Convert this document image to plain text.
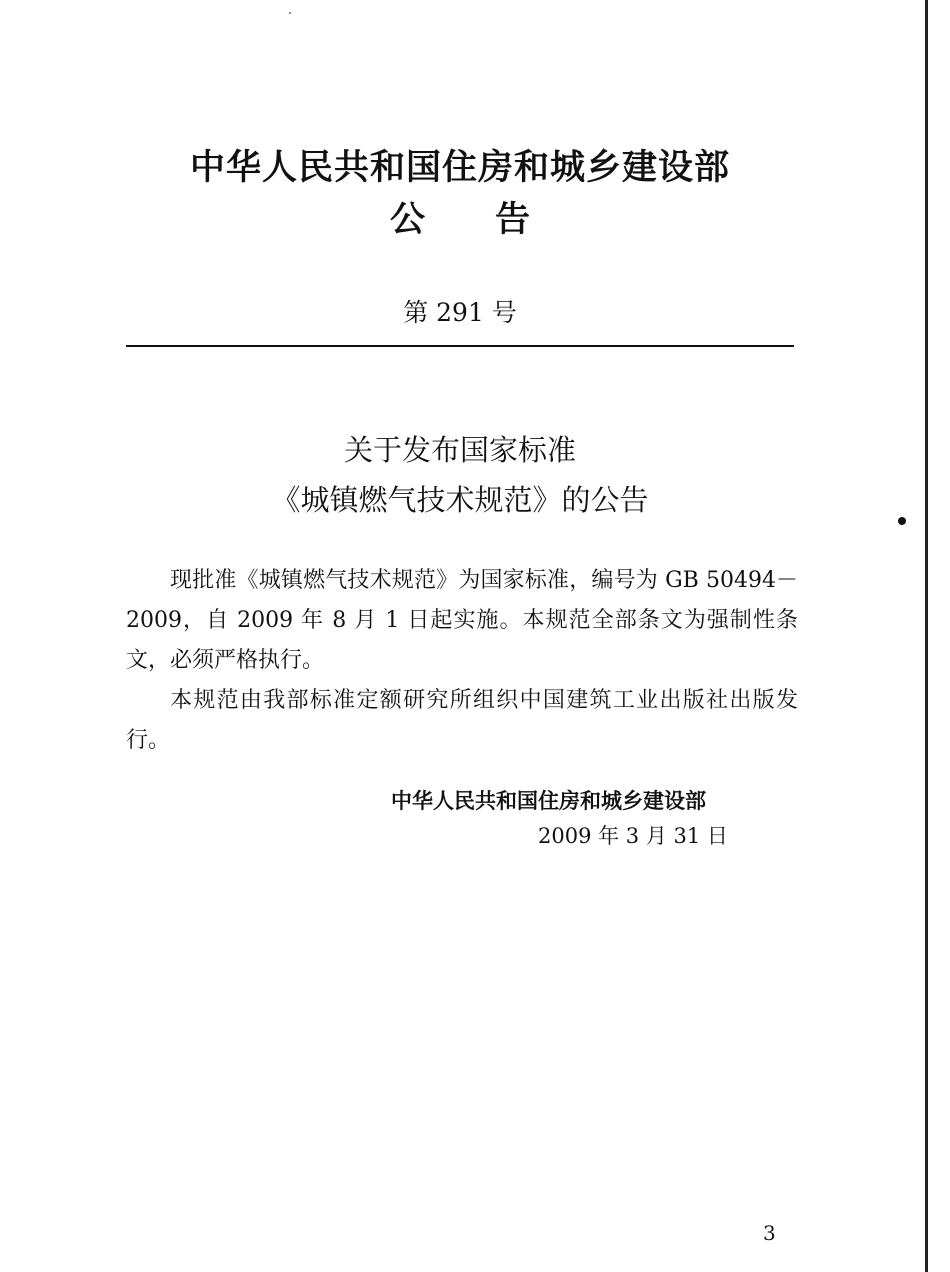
中华人民共和国住房和城乡建设部
公告
第 291 号
关于发布国家标准
《城镇燃气技术规范》的公告

现批准《城镇燃气技术规范》为国家标准，编号为 GB 50494－2009，自 2009 年 8 月 1 日起实施。本规范全部条文为强制性条文，必须严格执行。

本规范由我部标准定额研究所组织中国建筑工业出版社出版发行。

中华人民共和国住房和城乡建设部
2009 年 3 月 31 日
3
